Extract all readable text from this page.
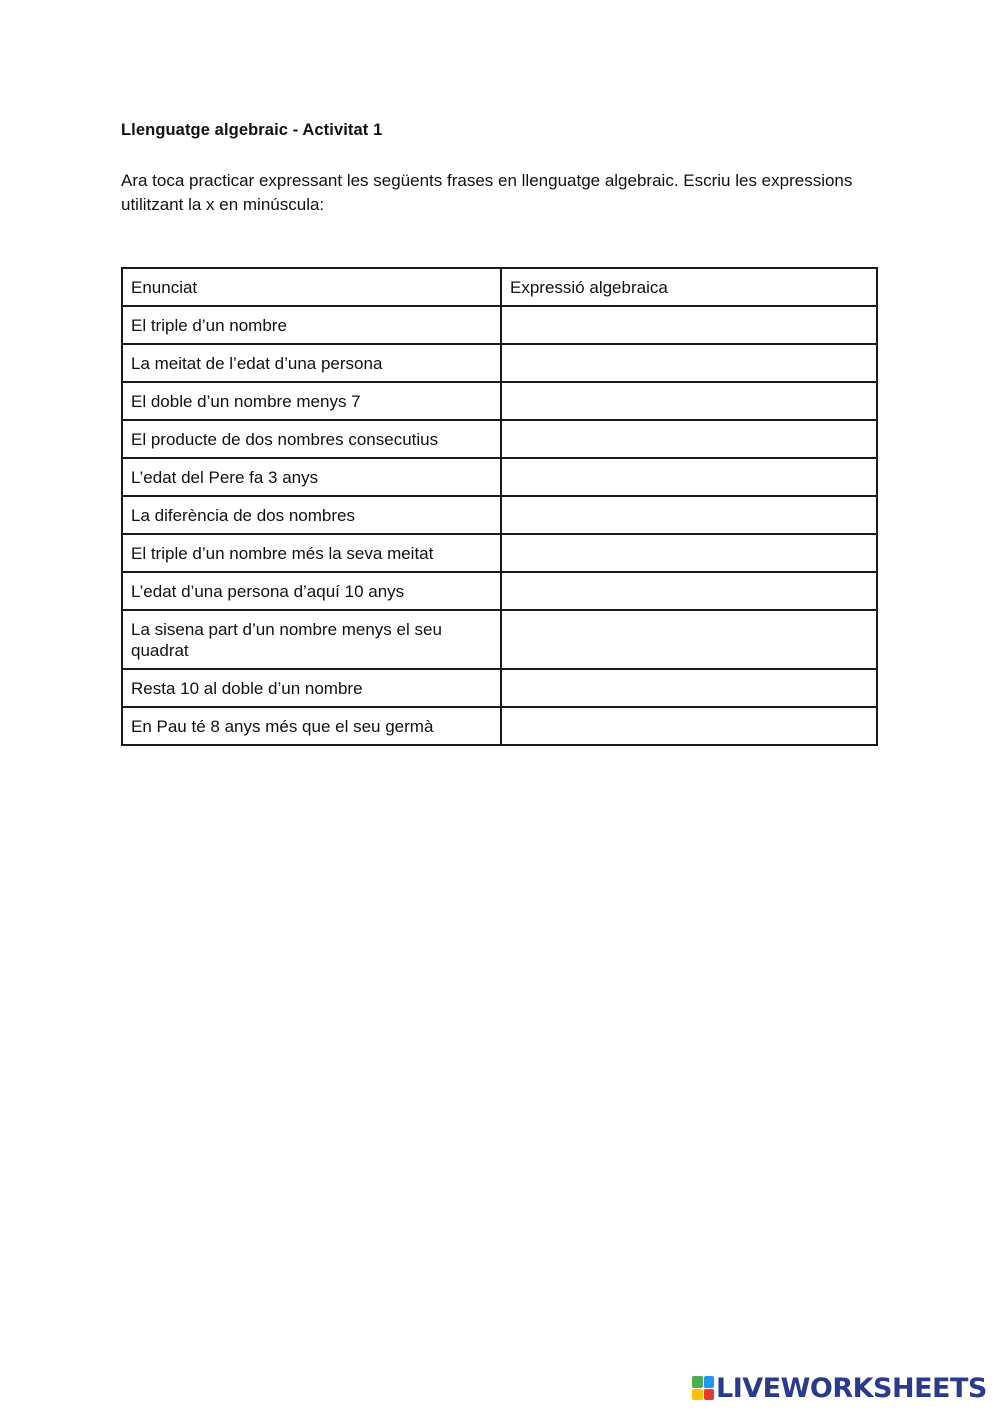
Llenguatge algebraic - Activitat 1

Ara toca practicar expressant les següents frases en llenguatge algebraic. Escriu les expressions utilitzant la x en minúscula:

Enunciat	Expressió algebraica
El triple d’un nombre	
La meitat de l’edat d’una persona	
El doble d’un nombre menys 7	
El producte de dos nombres consecutius	
L’edat del Pere fa 3 anys	
La diferència de dos nombres	
El triple d’un nombre més la seva meitat	
L’edat d’una persona d’aquí 10 anys	
La sisena part d’un nombre menys el seu quadrat	
Resta 10 al doble d’un nombre	
En Pau té 8 anys més que el seu germà	
LIVEWORKSHEETS
